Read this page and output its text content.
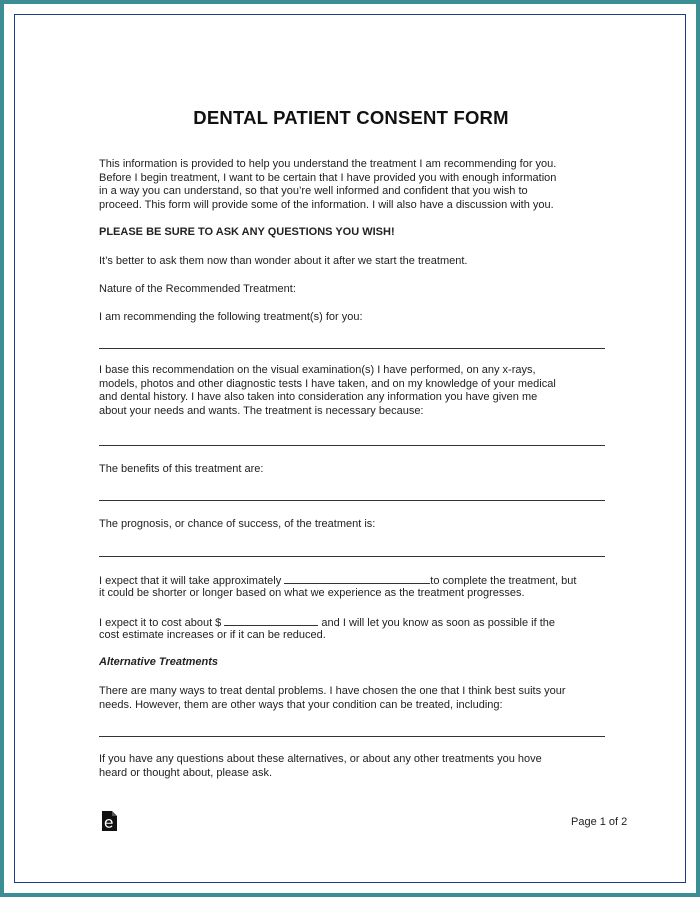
DENTAL PATIENT CONSENT FORM
This information is provided to help you understand the treatment I am recommending for you.
Before I begin treatment, I want to be certain that I have provided you with enough information
in a way you can understand, so that you’re well informed and confident that you wish to
proceed. This form will provide some of the information. I will also have a discussion with you.
PLEASE BE SURE TO ASK ANY QUESTIONS YOU WISH!
It’s better to ask them now than wonder about it after we start the treatment.
Nature of the Recommended Treatment:
I am recommending the following treatment(s) for you:
I base this recommendation on the visual examination(s) I have performed, on any x-rays,
models, photos and other diagnostic tests I have taken, and on my knowledge of your medical
and dental history. I have also taken into consideration any information you have given me
about your needs and wants. The treatment is necessary because:
The benefits of this treatment are:
The prognosis, or chance of success, of the treatment is:
I expect that it will take approximately	to complete the treatment, but
it could be shorter or longer based on what we experience as the treatment progresses.
I expect it to cost about $	and I will let you know as soon as possible if the
cost estimate increases or if it can be reduced.
Alternative Treatments
There are many ways to treat dental problems. I have chosen the one that I think best suits your
needs. However, them are other ways that your condition can be treated, including:
If you have any questions about these alternatives, or about any other treatments you hove
heard or thought about, please ask.
Page 1 of 2
